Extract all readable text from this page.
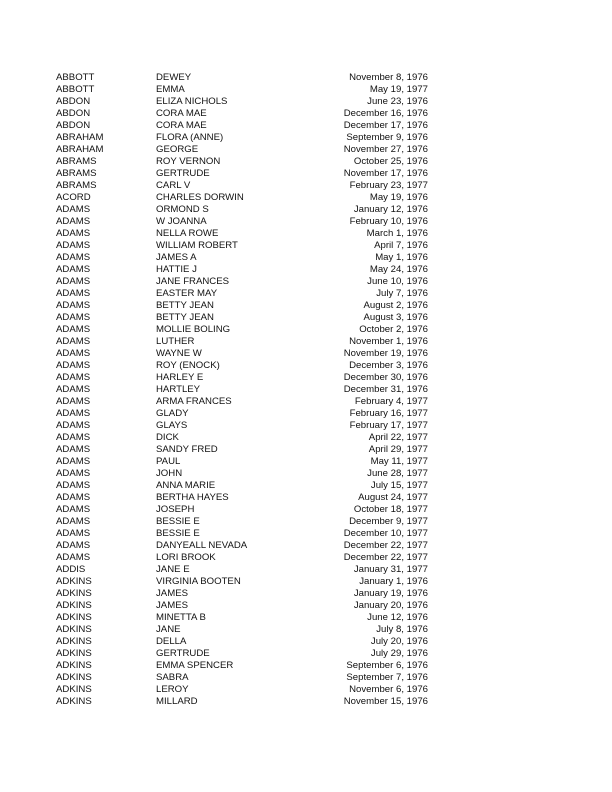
ABBOTT	DEWEY	November 8, 1976
ABBOTT	EMMA	May 19, 1977
ABDON	ELIZA NICHOLS	June 23, 1976
ABDON	CORA MAE	December 16, 1976
ABDON	CORA MAE	December 17, 1976
ABRAHAM	FLORA (ANNE)	September 9, 1976
ABRAHAM	GEORGE	November 27, 1976
ABRAMS	ROY VERNON	October 25, 1976
ABRAMS	GERTRUDE	November 17, 1976
ABRAMS	CARL V	February 23, 1977
ACORD	CHARLES DORWIN	May 19, 1976
ADAMS	ORMOND S	January 12, 1976
ADAMS	W JOANNA	February 10, 1976
ADAMS	NELLA ROWE	March 1, 1976
ADAMS	WILLIAM ROBERT	April 7, 1976
ADAMS	JAMES A	May 1, 1976
ADAMS	HATTIE J	May 24, 1976
ADAMS	JANE FRANCES	June 10, 1976
ADAMS	EASTER MAY	July 7, 1976
ADAMS	BETTY JEAN	August 2, 1976
ADAMS	BETTY JEAN	August 3, 1976
ADAMS	MOLLIE BOLING	October 2, 1976
ADAMS	LUTHER	November 1, 1976
ADAMS	WAYNE W	November 19, 1976
ADAMS	ROY (ENOCK)	December 3, 1976
ADAMS	HARLEY E	December 30, 1976
ADAMS	HARTLEY	December 31, 1976
ADAMS	ARMA FRANCES	February 4, 1977
ADAMS	GLADY	February 16, 1977
ADAMS	GLAYS	February 17, 1977
ADAMS	DICK	April 22, 1977
ADAMS	SANDY FRED	April 29, 1977
ADAMS	PAUL	May 11, 1977
ADAMS	JOHN	June 28, 1977
ADAMS	ANNA MARIE	July 15, 1977
ADAMS	BERTHA HAYES	August 24, 1977
ADAMS	JOSEPH	October 18, 1977
ADAMS	BESSIE E	December 9, 1977
ADAMS	BESSIE E	December 10, 1977
ADAMS	DANYEALL NEVADA	December 22, 1977
ADAMS	LORI BROOK	December 22, 1977
ADDIS	JANE E	January 31, 1977
ADKINS	VIRGINIA BOOTEN	January 1, 1976
ADKINS	JAMES	January 19, 1976
ADKINS	JAMES	January 20, 1976
ADKINS	MINETTA B	June 12, 1976
ADKINS	JANE	July 8, 1976
ADKINS	DELLA	July 20, 1976
ADKINS	GERTRUDE	July 29, 1976
ADKINS	EMMA SPENCER	September 6, 1976
ADKINS	SABRA	September 7, 1976
ADKINS	LEROY	November 6, 1976
ADKINS	MILLARD	November 15, 1976
